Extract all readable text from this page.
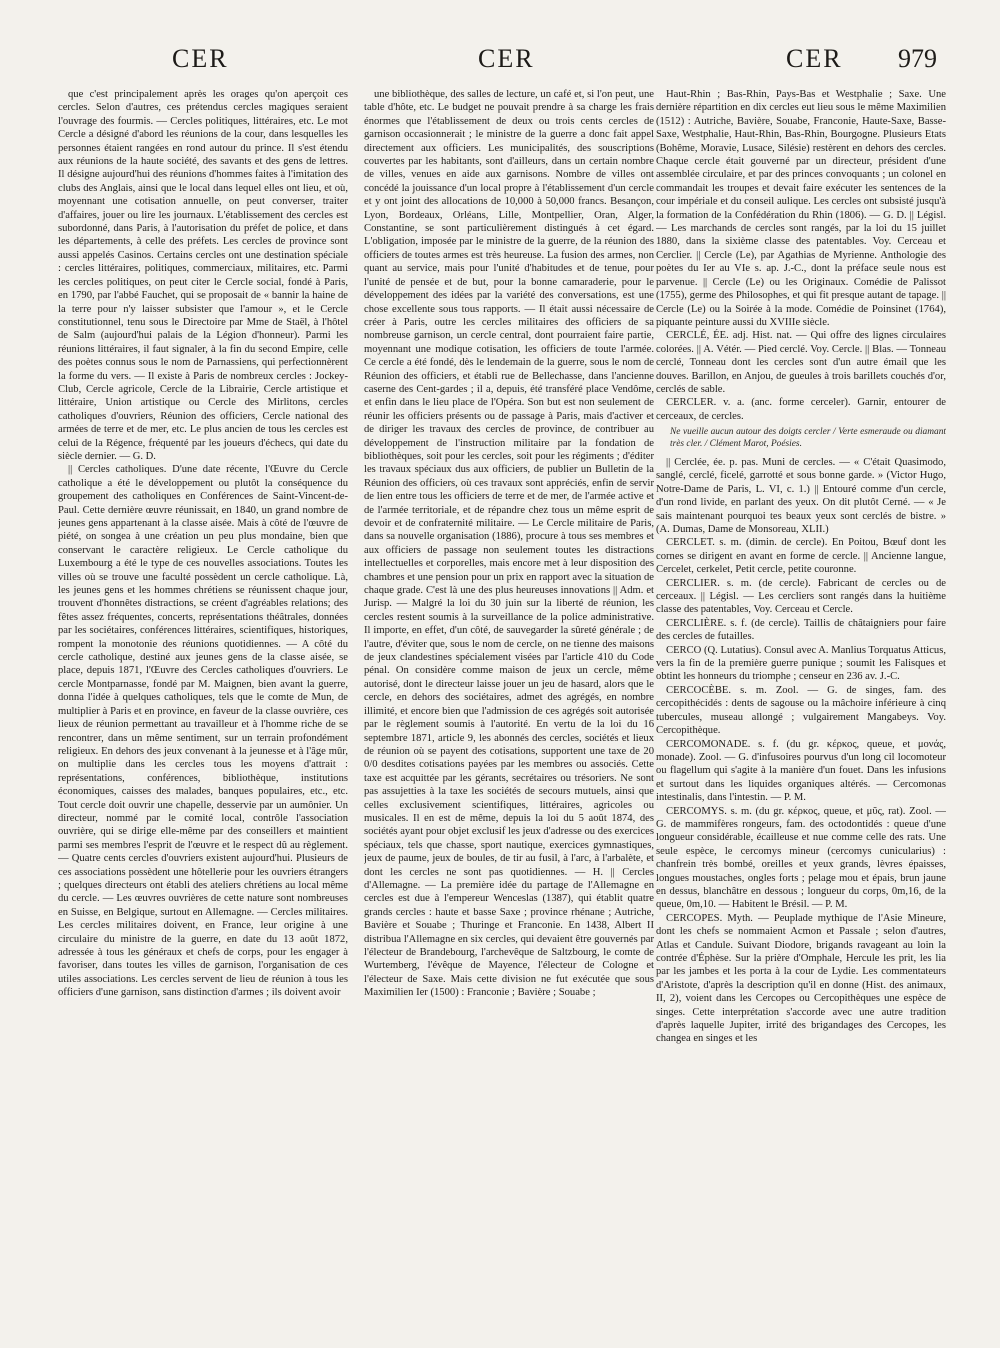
CER	CER	CER 979

que c'est principalement après les orages qu'on aperçoit ces cercles. Selon d'autres, ces prétendus cercles magiques seraient l'ouvrage des fourmis. — Cercles politiques, littéraires, etc. Le mot Cercle a désigné d'abord les réunions de la cour, dans lesquelles les personnes étaient rangées en rond autour du prince. Il s'est étendu aux réunions de la haute société, des savants et des gens de lettres. Il désigne aujourd'hui des réunions d'hommes faites à l'imitation des clubs des Anglais, ainsi que le local dans lequel elles ont lieu, et où, moyennant une cotisation annuelle, on peut converser, traiter d'affaires, jouer ou lire les journaux. L'établissement des cercles est subordonné, dans Paris, à l'autorisation du préfet de police, et dans les départements, à celle des préfets. Les cercles de province sont aussi appelés Casinos. Certains cercles ont une destination spéciale : cercles littéraires, politiques, commerciaux, militaires, etc. Parmi les cercles politiques, on peut citer le Cercle social, fondé à Paris, en 1790, par l'abbé Fauchet, qui se proposait de « bannir la haine de la terre pour n'y laisser subsister que l'amour », et le Cercle constitutionnel, tenu sous le Directoire par Mme de Staël, à l'hôtel de Salm (aujourd'hui palais de la Légion d'honneur). Parmi les réunions littéraires, il faut signaler, à la fin du second Empire, celle des poètes connus sous le nom de Parnassiens, qui perfectionnèrent la forme du vers. — Il existe à Paris de nombreux cercles : Jockey-Club, Cercle agricole, Cercle de la Librairie, Cercle artistique et littéraire, Union artistique ou Cercle des Mirlitons, cercles catholiques d'ouvriers, Réunion des officiers, Cercle national des armées de terre et de mer, etc. Le plus ancien de tous les cercles est celui de la Régence, fréquenté par les joueurs d'échecs, qui date du siècle dernier. — G. D.

|| Cercles catholiques. D'une date récente, l'Œuvre du Cercle catholique a été le développement ou plutôt la conséquence du groupement des catholiques en Conférences de Saint-Vincent-de-Paul. Cette dernière œuvre réunissait, en 1840, un grand nombre de jeunes gens appartenant à la classe aisée. Mais à côté de l'œuvre de piété, on songea à une création un peu plus mondaine, bien que conservant le caractère religieux. Le Cercle catholique du Luxembourg a été le type de ces nouvelles associations. Toutes les villes où se trouve une faculté possèdent un cercle catholique. Là, les jeunes gens et les hommes chrétiens se réunissent chaque jour, trouvent d'honnêtes distractions, se créent d'agréables relations; des fêtes assez fréquentes, concerts, représentations théâtrales, données par les sociétaires, conférences littéraires, scientifiques, historiques, rompent la monotonie des réunions quotidiennes. — A côté du cercle catholique, destiné aux jeunes gens de la classe aisée, se place, depuis 1871, l'Œuvre des Cercles catholiques d'ouvriers. Le cercle Montparnasse, fondé par M. Maignen, bien avant la guerre, donna l'idée à quelques catholiques, tels que le comte de Mun, de multiplier à Paris et en province, en faveur de la classe ouvrière, ces lieux de réunion permettant au travailleur et à l'homme riche de se rencontrer, dans un même sentiment, sur un terrain profondément religieux. En dehors des jeux convenant à la jeunesse et à l'âge mûr, on multiplie dans les cercles tous les moyens d'attrait : représentations, conférences, bibliothèque, institutions économiques, caisses des malades, banques populaires, etc., etc. Tout cercle doit ouvrir une chapelle, desservie par un aumônier. Un directeur, nommé par le comité local, contrôle l'association ouvrière, qui se dirige elle-même par des conseillers et maintient parmi ses membres l'esprit de l'œuvre et le respect dû au règlement. — Quatre cents cercles d'ouvriers existent aujourd'hui. Plusieurs de ces associations possèdent une hôtellerie pour les ouvriers étrangers ; quelques directeurs ont établi des ateliers chrétiens au local même du cercle. — Les œuvres ouvrières de cette nature sont nombreuses en Suisse, en Belgique, surtout en Allemagne. — Cercles militaires. Les cercles militaires doivent, en France, leur origine à une circulaire du ministre de la guerre, en date du 13 août 1872, adressée à tous les généraux et chefs de corps, pour les engager à favoriser, dans toutes les villes de garnison, l'organisation de ces utiles associations. Les cercles servent de lieu de réunion à tous les officiers d'une garnison, sans distinction d'armes ; ils doivent avoir

une bibliothèque, des salles de lecture, un café et, si l'on peut, une table d'hôte, etc. Le budget ne pouvait prendre à sa charge les frais énormes que l'établissement de deux ou trois cents cercles de garnison occasionnerait ; le ministre de la guerre a donc fait appel directement aux officiers. Les municipalités, des souscriptions couvertes par les habitants, sont d'ailleurs, dans un certain nombre de villes, venues en aide aux garnisons. Nombre de villes ont concédé la jouissance d'un local propre à l'établissement d'un cercle et y ont joint des allocations de 10,000 à 50,000 francs. Besançon, Lyon, Bordeaux, Orléans, Lille, Montpellier, Oran, Alger, Constantine, se sont particulièrement distingués à cet égard. L'obligation, imposée par le ministre de la guerre, de la réunion des officiers de toutes armes est très heureuse. La fusion des armes, non quant au service, mais pour l'unité d'habitudes et de tenue, pour l'unité de pensée et de but, pour la bonne camaraderie, pour le développement des idées par la variété des conversations, est une chose excellente sous tous rapports. — Il était aussi nécessaire de créer à Paris, outre les cercles militaires des officiers de sa nombreuse garnison, un cercle central, dont pourraient faire partie, moyennant une modique cotisation, les officiers de toute l'armée. Ce cercle a été fondé, dès le lendemain de la guerre, sous le nom de Réunion des officiers, et établi rue de Bellechasse, dans l'ancienne caserne des Cent-gardes ; il a, depuis, été transféré place Vendôme, et enfin dans le lieu place de l'Opéra. Son but est non seulement de réunir les officiers présents ou de passage à Paris, mais d'activer et de diriger les travaux des cercles de province, de contribuer au développement de l'instruction militaire par la fondation de bibliothèques, soit pour les cercles, soit pour les régiments ; d'éditer les travaux spéciaux dus aux officiers, de publier un Bulletin de la Réunion des officiers, où ces travaux sont appréciés, enfin de servir de lien entre tous les officiers de terre et de mer, de l'armée active et de l'armée territoriale, et de répandre chez tous un même esprit de devoir et de confraternité militaire. — Le Cercle militaire de Paris, dans sa nouvelle organisation (1886), procure à tous ses membres et aux officiers de passage non seulement toutes les distractions intellectuelles et corporelles, mais encore met à leur disposition des chambres et une pension pour un prix en rapport avec la situation de chaque grade. C'est là une des plus heureuses innovations || Adm. et Jurisp. — Malgré la loi du 30 juin sur la liberté de réunion, les cercles restent soumis à la surveillance de la police administrative. Il importe, en effet, d'un côté, de sauvegarder la sûreté générale ; de l'autre, d'éviter que, sous le nom de cercle, on ne tienne des maisons de jeux clandestines spécialement visées par l'article 410 du Code pénal. On considère comme maison de jeux un cercle, même autorisé, dont le directeur laisse jouer un jeu de hasard, alors que le cercle, en dehors des sociétaires, admet des agrégés, en nombre illimité, et encore bien que l'admission de ces agrégés soit autorisée par le règlement soumis à l'autorité. En vertu de la loi du 16 septembre 1871, article 9, les abonnés des cercles, sociétés et lieux de réunion où se payent des cotisations, supportent une taxe de 20 0/0 desdites cotisations payées par les membres ou associés. Cette taxe est acquittée par les gérants, secrétaires ou trésoriers. Ne sont pas assujetties à la taxe les sociétés de secours mutuels, ainsi que celles exclusivement scientifiques, littéraires, agricoles ou musicales. Il en est de même, depuis la loi du 5 août 1874, des sociétés ayant pour objet exclusif les jeux d'adresse ou des exercices spéciaux, tels que chasse, sport nautique, exercices gymnastiques, jeux de paume, jeux de boules, de tir au fusil, à l'arc, à l'arbalète, et dont les cercles ne sont pas quotidiennes. — H. || Cercles d'Allemagne. — La première idée du partage de l'Allemagne en cercles est due à l'empereur Wenceslas (1387), qui établit quatre grands cercles : haute et basse Saxe ; province rhénane ; Autriche, Bavière et Souabe ; Thuringe et Franconie. En 1438, Albert II distribua l'Allemagne en six cercles, qui devaient être gouvernés par l'électeur de Brandebourg, l'archevêque de Saltzbourg, le comte de Wurtemberg, l'évêque de Mayence, l'électeur de Cologne et l'électeur de Saxe. Mais cette division ne fut exécutée que sous Maximilien Ier (1500) : Franconie ; Bavière ; Souabe ;

Haut-Rhin ; Bas-Rhin, Pays-Bas et Westphalie ; Saxe. Une dernière répartition en dix cercles eut lieu sous le même Maximilien (1512) : Autriche, Bavière, Souabe, Franconie, Haute-Saxe, Basse-Saxe, Westphalie, Haut-Rhin, Bas-Rhin, Bourgogne. Plusieurs Etats (Bohême, Moravie, Lusace, Silésie) restèrent en dehors des cercles. Chaque cercle était gouverné par un directeur, président d'une assemblée circulaire, et par des princes convoquants ; un colonel en commandait les troupes et devait faire exécuter les sentences de la cour impériale et du conseil aulique. Les cercles ont subsisté jusqu'à la formation de la Confédération du Rhin (1806). — G. D. || Législ. — Les marchands de cercles sont rangés, par la loi du 15 juillet 1880, dans la sixième classe des patentables. Voy. Cerceau et Cerclier. || Cercle (Le), par Agathias de Myrienne. Anthologie des poètes du Ier au VIe s. ap. J.-C., dont la préface seule nous est parvenue. || Cercle (Le) ou les Originaux. Comédie de Palissot (1755), germe des Philosophes, et qui fit presque autant de tapage. || Cercle (Le) ou la Soirée à la mode. Comédie de Poinsinet (1764), piquante peinture aussi du XVIIIe siècle.

CERCLÉ, ÉE. adj. Hist. nat. — Qui offre des lignes circulaires colorées. || A. Vétér. — Pied cerclé. Voy. Cercle. || Blas. — Tonneau cerclé, Tonneau dont les cercles sont d'un autre émail que les douves. Barillon, en Anjou, de gueules à trois barillets couchés d'or, cerclés de sable.

CERCLER. v. a. (anc. forme cerceler). Garnir, entourer de cerceaux, de cercles.

Ne vueille aucun autour des doigts cercler / Verte esmeraude ou diamant très cler. / Clément Marot, Poésies.

|| Cerclée, ée. p. pas. Muni de cercles. — « C'était Quasimodo, sanglé, cerclé, ficelé, garrotté et sous bonne garde. » (Victor Hugo, Notre-Dame de Paris, L. VI, c. 1.) || Entouré comme d'un cercle, d'un rond livide, en parlant des yeux. On dit plutôt Cerné. — « Je sais maintenant pourquoi tes beaux yeux sont cerclés de bistre. » (A. Dumas, Dame de Monsoreau, XLII.)

CERCLET. s. m. (dimin. de cercle). En Poitou, Bœuf dont les cornes se dirigent en avant en forme de cercle. || Ancienne langue, Cercelet, cerkelet, Petit cercle, petite couronne.

CERCLIER. s. m. (de cercle). Fabricant de cercles ou de cerceaux. || Législ. — Les cercliers sont rangés dans la huitième classe des patentables, Voy. Cerceau et Cercle.

CERCLIÈRE. s. f. (de cercle). Taillis de châtaigniers pour faire des cercles de futailles.

CERCO (Q. Lutatius). Consul avec A. Manlius Torquatus Atticus, vers la fin de la première guerre punique ; soumit les Falisques et obtint les honneurs du triomphe ; censeur en 236 av. J.-C.

CERCOCÈBE. s. m. Zool. — G. de singes, fam. des cercopithécidés : dents de sagouse ou la mâchoire inférieure à cinq tubercules, museau allongé ; vulgairement Mangabeys. Voy. Cercopithèque.

CERCOMONADE. s. f. (du gr. κέρκος, queue, et μονάς, monade). Zool. — G. d'infusoires pourvus d'un long cil locomoteur ou flagellum qui s'agite à la manière d'un fouet. Dans les infusions et surtout dans les liquides organiques altérés. — Cercomonas intestinalis, dans l'intestin. — P. M.

CERCOMYS. s. m. (du gr. κέρκος, queue, et μῦς, rat). Zool. — G. de mammifères rongeurs, fam. des octodontidés : queue d'une longueur considérable, écailleuse et nue comme celle des rats. Une seule espèce, le cercomys mineur (cercomys cunicularius) : chanfrein très bombé, oreilles et yeux grands, lèvres épaisses, longues moustaches, ongles forts ; pelage mou et épais, brun jaune en dessus, blanchâtre en dessous ; longueur du corps, 0m,16, de la queue, 0m,10. — Habitent le Brésil. — P. M.

CERCOPES. Myth. — Peuplade mythique de l'Asie Mineure, dont les chefs se nommaient Acmon et Passale ; selon d'autres, Atlas et Candule. Suivant Diodore, brigands ravageant au loin la contrée d'Éphèse. Sur la prière d'Omphale, Hercule les prit, les lia par les jambes et les porta à la cour de Lydie. Les commentateurs d'Aristote, d'après la description qu'il en donne (Hist. des animaux, II, 2), voient dans les Cercopes ou Cercopithèques une espèce de singes. Cette interprétation s'accorde avec une autre tradition d'après laquelle Jupiter, irrité des brigandages des Cercopes, les changea en singes et les
